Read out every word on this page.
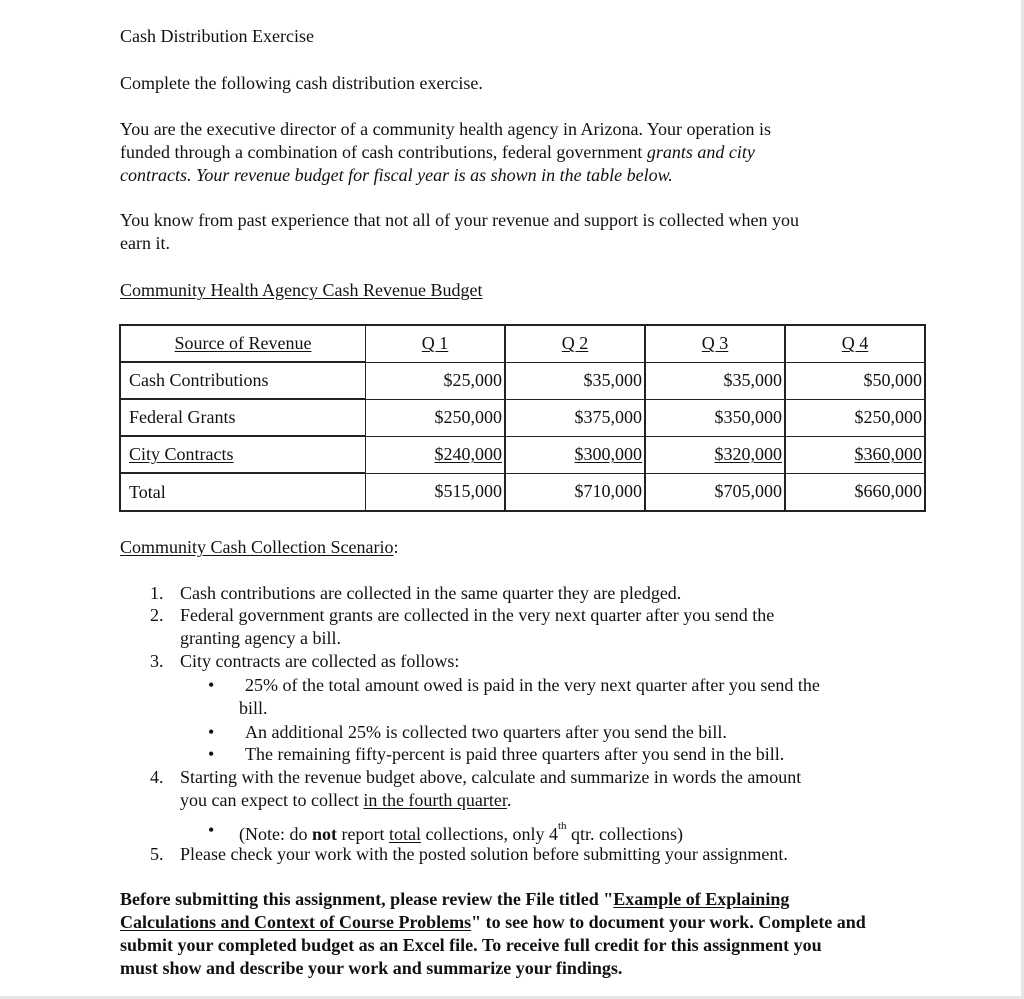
Cash Distribution Exercise
Complete the following cash distribution exercise.
You are the executive director of a community health agency in Arizona. Your operation is
funded through a combination of cash contributions, federal government grants and city
contracts. Your revenue budget for fiscal year is as shown in the table below.
You know from past experience that not all of your revenue and support is collected when you
earn it.
Community Health Agency Cash Revenue Budget
Source of Revenue	Q 1	Q 2	Q 3	Q 4
Cash Contributions	$25,000	$35,000	$35,000	$50,000
Federal Grants	$250,000	$375,000	$350,000	$250,000
City Contracts	$240,000	$300,000	$320,000	$360,000
Total	$515,000	$710,000	$705,000	$660,000
Community Cash Collection Scenario:
1. Cash contributions are collected in the same quarter they are pledged.
2. Federal government grants are collected in the very next quarter after you send the
granting agency a bill.
3. City contracts are collected as follows:
• 25% of the total amount owed is paid in the very next quarter after you send the
bill.
• An additional 25% is collected two quarters after you send the bill.
• The remaining fifty-percent is paid three quarters after you send in the bill.
4. Starting with the revenue budget above, calculate and summarize in words the amount
you can expect to collect in the fourth quarter.
• (Note: do not report total collections, only 4th qtr. collections)
5. Please check your work with the posted solution before submitting your assignment.
Before submitting this assignment, please review the File titled "Example of Explaining
Calculations and Context of Course Problems" to see how to document your work. Complete and
submit your completed budget as an Excel file. To receive full credit for this assignment you
must show and describe your work and summarize your findings.
